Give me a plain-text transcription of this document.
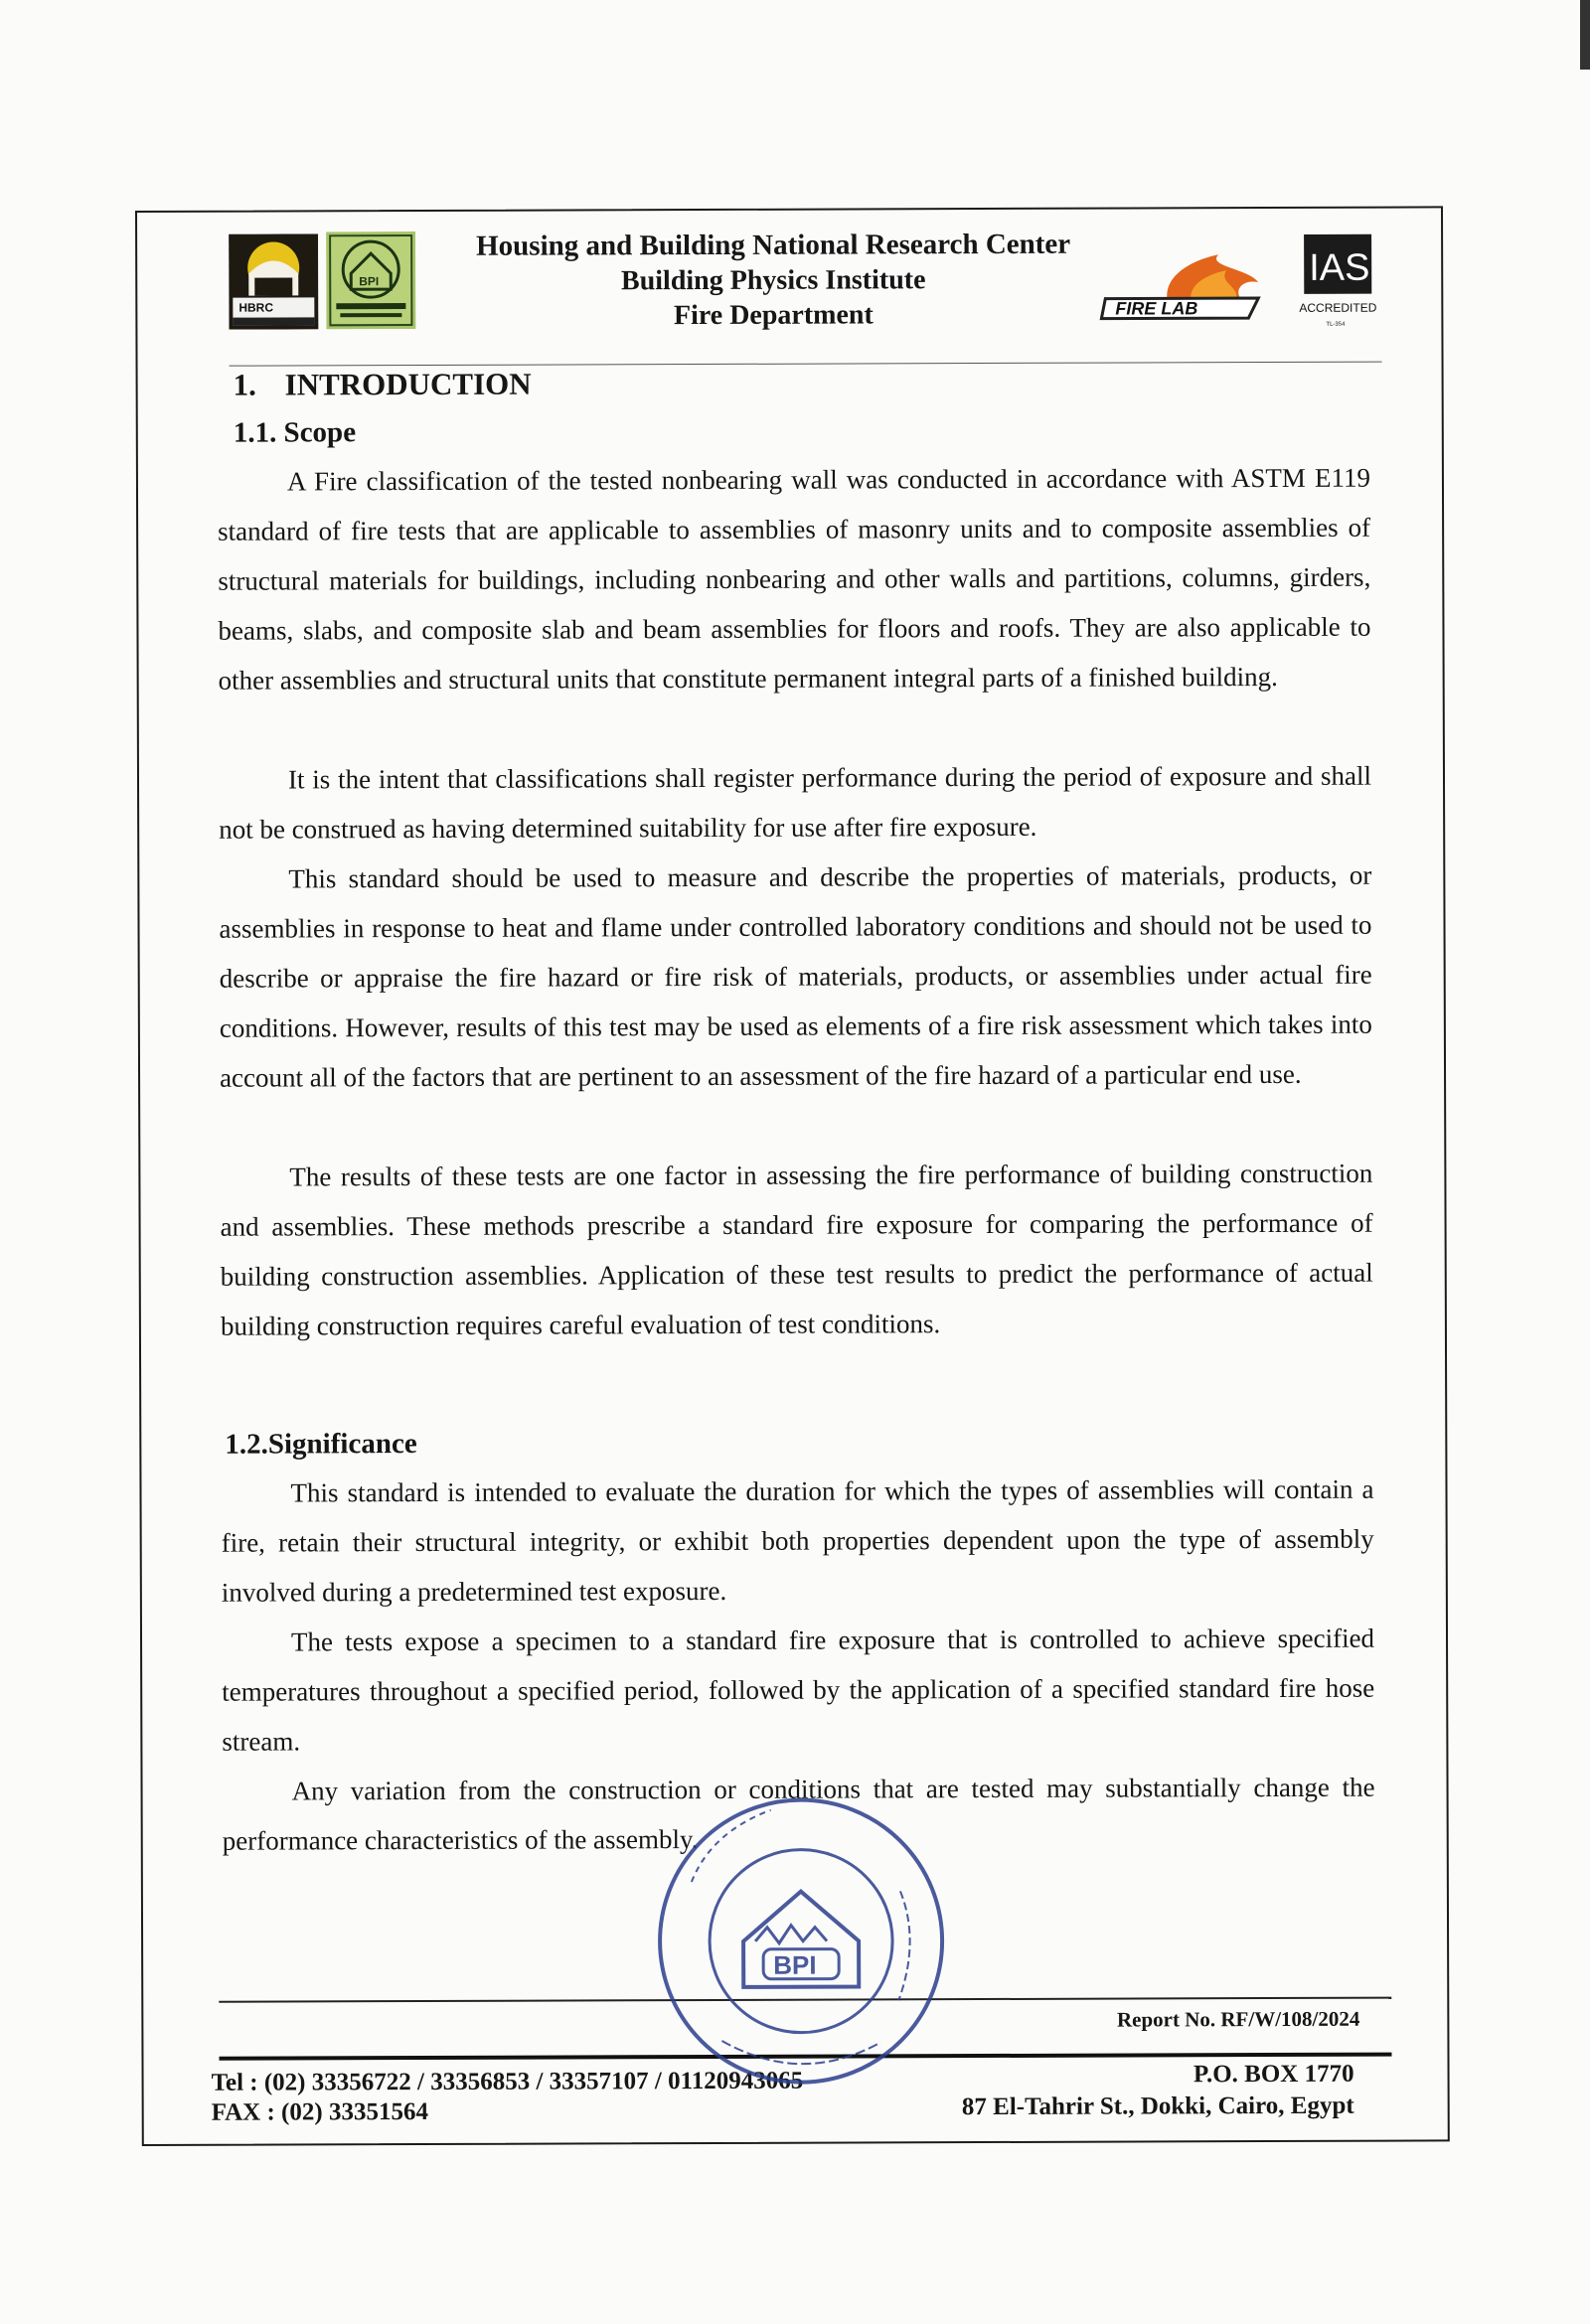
HBRC
BPI
Housing and Building National Research Center
Building Physics Institute
Fire Department	FIRE LAB
IAS
ACCREDITED
TL-354
1. INTRODUCTION
1.1. Scope
A Fire classification of the tested nonbearing wall was conducted in accordance with ASTM E119 standard of fire tests that are applicable to assemblies of masonry units and to composite assemblies of structural materials for buildings, including nonbearing and other walls and partitions, columns, girders, beams, slabs, and composite slab and beam assemblies for floors and roofs. They are also applicable to other assemblies and structural units that constitute permanent integral parts of a finished building.
It is the intent that classifications shall register performance during the period of exposure and shall not be construed as having determined suitability for use after fire exposure.
This standard should be used to measure and describe the properties of materials, products, or assemblies in response to heat and flame under controlled laboratory conditions and should not be used to describe or appraise the fire hazard or fire risk of materials, products, or assemblies under actual fire conditions. However, results of this test may be used as elements of a fire risk assessment which takes into account all of the factors that are pertinent to an assessment of the fire hazard of a particular end use.
The results of these tests are one factor in assessing the fire performance of building construction and assemblies. These methods prescribe a standard fire exposure for comparing the performance of building construction assemblies. Application of these test results to predict the performance of actual building construction requires careful evaluation of test conditions.
1.2.Significance
This standard is intended to evaluate the duration for which the types of assemblies will contain a fire, retain their structural integrity, or exhibit both properties dependent upon the type of assembly involved during a predetermined test exposure.
The tests expose a specimen to a standard fire exposure that is controlled to achieve specified temperatures throughout a specified period, followed by the application of a specified standard fire hose stream.
Any variation from the construction or conditions that are tested may substantially change the performance characteristics of the assembly.
Report No. RF/W/108/2024
Tel : (02) 33356722 / 33356853 / 33357107 / 01120943065
FAX : (02) 33351564
P.O. BOX 1770
87 El-Tahrir St., Dokki, Cairo, Egypt
BPI
